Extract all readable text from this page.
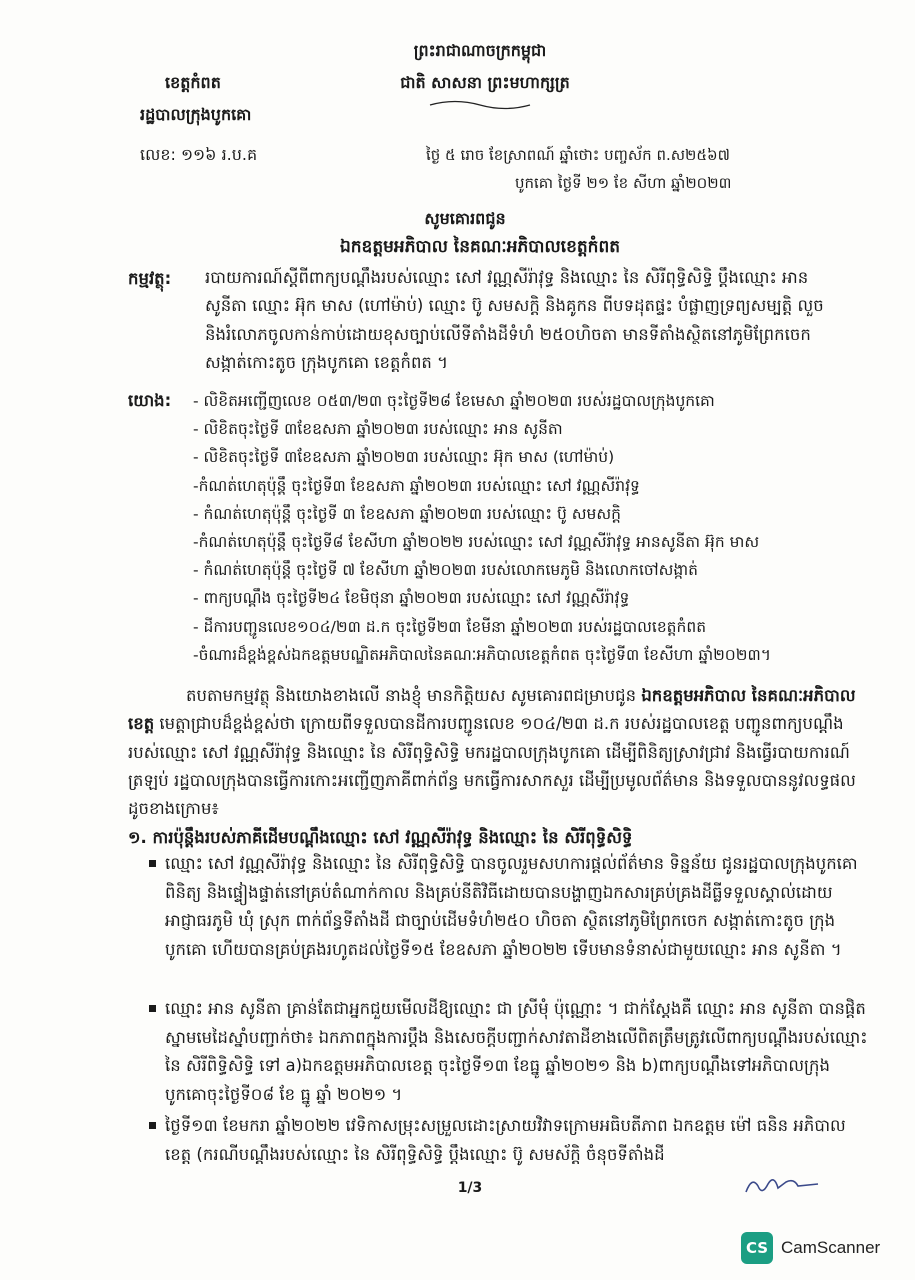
ព្រះរាជាណាចក្រកម្ពុជា
ជាតិ សាសនា ព្រះមហាក្សត្រ
ខេត្តកំពត
រដ្ឋបាលក្រុងបូកគោ
លេខ: ១១៦ រ.ប.គ	ថ្ងៃ ៥ ​រោច ខែស្រាពណ៍ ឆ្នាំថោះ បញ្ចស័ក ព.ស២៥៦៧
បូកគោ ថ្ងៃទី ២១ ខែ សីហា ឆ្នាំ២០២៣
សូមគោរពជូន
ឯកឧត្តមអភិបាល នៃគណៈអភិបាលខេត្តកំពត
កម្មវត្ថុ: របាយការណ៍ស្តីពីពាក្យបណ្តឹងរបស់ឈ្មោះ សៅ វណ្ណសីរ៉ាវុទ្ធ និងឈ្មោះ នៃ សិរីពុទ្ធិសិទ្ធិ ប្តឹងឈ្មោះ អាន សូនីតា ឈ្មោះ អ៊ុក មាស (ហៅម៉ាប់) ឈ្មោះ ប៊ូ សមសក្តិ និងគូកន ពីបទដុតផ្ទះ បំផ្លាញទ្រព្យសម្បត្តិ លួច និងរំលោភចូលកាន់កាប់ដោយខុសច្បាប់លើទីតាំងដីទំហំ ២៥០ហិចតា មានទីតាំងស្ថិតនៅភូមិព្រែកចេក សង្កាត់កោះតូច ក្រុងបូកគោ ខេត្តកំពត ។
យោង: - លិខិតអញ្ជើញលេខ ០៥៣/២៣ ចុះថ្ងៃទី២៨ ខែមេសា ឆ្នាំ២០២៣ របស់រដ្ឋបាលក្រុងបូកគោ
- លិខិតចុះថ្ងៃទី ៣ខែឧសភា ឆ្នាំ២០២៣ របស់ឈ្មោះ អាន សូនីតា
- លិខិតចុះថ្ងៃទី ៣ខែឧសភា ឆ្នាំ២០២៣ របស់ឈ្មោះ អ៊ុក មាស (ហៅម៉ាប់)
-កំណត់ហេតុប៉ុន្តឹ ចុះថ្ងៃទី៣ ខែឧសភា ឆ្នាំ២០២៣ របស់ឈ្មោះ សៅ វណ្ណសីរ៉ាវុទ្ធ
- កំណត់ហេតុប៉ុន្តឹ ចុះថ្ងៃទី ៣ ខែឧសភា ឆ្នាំ២០២៣ របស់ឈ្មោះ ប៊ូ សមសក្តិ
-កំណត់ហេតុប៉ុន្តឹ ចុះថ្ងៃទី៨ ខែសីហា ឆ្នាំ២០២២ របស់ឈ្មោះ សៅ វណ្ណសីរ៉ាវុទ្ធ អានសូនីតា អ៊ុក មាស
- កំណត់ហេតុប៉ុន្តឹ ចុះថ្ងៃទី ៧ ខែសីហា ឆ្នាំ២០២៣ របស់លោកមេភូមិ និងលោកចៅសង្កាត់
- ពាក្យបណ្តឹង ចុះថ្ងៃទី២៤ ខែមិថុនា ឆ្នាំ២០២៣ របស់ឈ្មោះ សៅ វណ្ណសីរ៉ាវុទ្ធ
- ដីការបញ្ជូនលេខ១០៤/២៣ ដ.ក ចុះថ្ងៃទី២៣ ខែមីនា ឆ្នាំ២០២៣ របស់រដ្ឋបាលខេត្តកំពត
-ចំណារដ៏ខ្ពង់ខ្ពស់ឯកឧត្តមបណ្ឌិតអភិបាលនៃគណៈអភិបាលខេត្តកំពត ចុះថ្ងៃទី៣ ខែសីហា ឆ្នាំ២០២៣។
តបតាមកម្មវត្ថុ និងយោងខាងលើ នាងខ្ញុំ មានកិត្តិយស សូមគោរពជម្រាបជូន ឯកឧត្តមអភិបាល នៃគណៈអភិបាលខេត្ត មេត្តាជ្រាបដ៏ខ្ពង់ខ្ពស់ថា ក្រោយពីទទួលបានដីការបញ្ជូនលេខ ១០៤/២៣ ដ.ក របស់រដ្ឋបាលខេត្ត បញ្ជូនពាក្យបណ្តឹងរបស់ឈ្មោះ សៅ វណ្ណសីរ៉ាវុទ្ធ និងឈ្មោះ នៃ សិរីពុទ្ធិសិទ្ធិ មករដ្ឋបាលក្រុងបូកគោ ដើម្បីពិនិត្យស្រាវជ្រាវ និងធ្វើរបាយការណ៍ត្រឡប់ រដ្ឋបាលក្រុងបានធ្វើការកោះអញ្ជើញភាគីពាក់ព័ន្ធ មកធ្វើការសាកសួរ ដើម្បីប្រមូលព័ត៌មាន និងទទួលបាននូវលទ្ធផល ដូចខាងក្រោម៖
១. ការប៉ុន្តឹងរបស់ភាគីដើមបណ្តឹងឈ្មោះ សៅ វណ្ណសីរ៉ាវុទ្ធ និងឈ្មោះ នៃ សិរីពុទ្ធិសិទ្ធិ
ឈ្មោះ សៅ វណ្ណសីរ៉ាវុទ្ធ និងឈ្មោះ នៃ សិរីពុទ្ធិសិទ្ធិ បានចូលរួមសហការផ្តល់ព័ត៌មាន ទិន្នន័យ ជូនរដ្ឋបាលក្រុងបូកគោពិនិត្យ និងផ្ទៀងផ្ទាត់នៅគ្រប់តំណាក់កាល និងគ្រប់នីតិវិធីដោយបានបង្ហាញឯកសារគ្រប់គ្រងដីធ្លីទទួលស្គាល់ដោយអាជ្ញាធរភូមិ ឃុំ ស្រុក ពាក់ព័ន្ធទីតាំងដី ជាច្បាប់ដើមទំហំ២៥០ ហិចតា ស្ថិតនៅភូមិព្រែកចេក សង្កាត់កោះតូច ក្រុងបូកគោ ហើយបានគ្រប់គ្រងរហូតដល់ថ្ងៃទី១៥ ខែឧសភា ឆ្នាំ២០២២ ទើបមានទំនាស់ជាមួយឈ្មោះ អាន សូនីតា ។
ឈ្មោះ អាន សូនីតា គ្រាន់តែជាអ្នកជួយមើលដីឱ្យឈ្មោះ ជា ស្រីមុំ ប៉ុណ្ណោះ ។ ជាក់ស្តែងគឺ ឈ្មោះ អាន សូនីតា បានផ្តិតស្នាមមេដៃស្នាំបញ្ជាក់ថា៖ ឯកភាពក្នុងការប្តឹង និងសេចក្តីបញ្ជាក់សាវតាដីខាងលើពិតត្រឹមត្រូវលើពាក្យបណ្តឹងរបស់ឈ្មោះនៃ សិរីពិទ្ធិសិទ្ធិ ទៅ a)ឯកឧត្តមអភិបាលខេត្ត ចុះថ្ងៃទី១៣ ខែធ្នូ ឆ្នាំ២០២១ និង b)ពាក្យបណ្តឹងទៅអភិបាលក្រុងបូកគោចុះថ្ងៃទី០៨ ខែ ធ្នូ ឆ្នាំ ២០២១ ។
ថ្ងៃទី១៣ ខែមករា ឆ្នាំ២០២២ វេទិកាសម្រុះសម្រួលដោះស្រាយវិវាទក្រោមអធិបតីភាព ឯកឧត្តម ម៉ៅ ធនិន អភិបាលខេត្ត (ករណីបណ្តឹងរបស់ឈ្មោះ នៃ សិរីពុទ្ធិសិទ្ធិ ប្តឹងឈ្មោះ ប៊ូ សមស័ក្តិ ចំនុចទីតាំងដី
1/3
CS CamScanner
